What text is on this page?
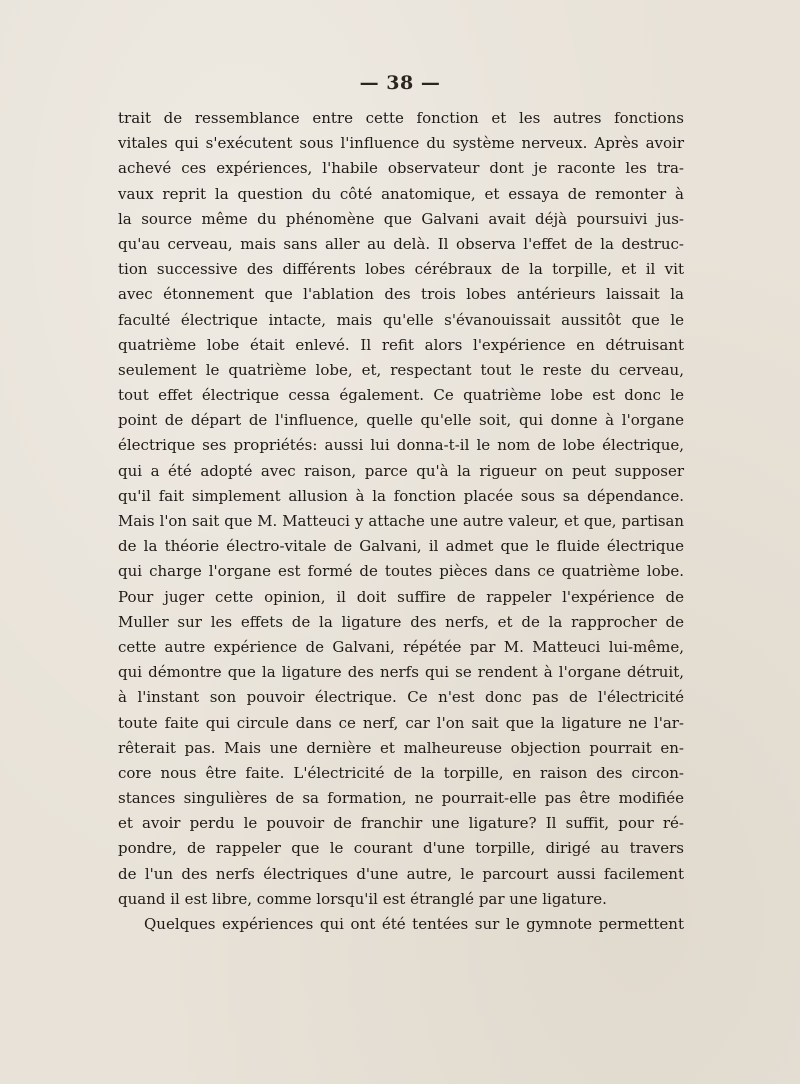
— 38 —
trait de ressemblance entre cette fonction et les autres fonctions
vitales qui s'exécutent sous l'influence du système nerveux. Après avoir
achevé ces expériences, l'habile observateur dont je raconte les tra-
vaux reprit la question du côté anatomique, et essaya de remonter à
la source même du phénomène que Galvani avait déjà poursuivi jus-
qu'au cerveau, mais sans aller au delà. Il observa l'effet de la destruc-
tion successive des différents lobes cérébraux de la torpille, et il vit
avec étonnement que l'ablation des trois lobes antérieurs laissait la
faculté électrique intacte, mais qu'elle s'évanouissait aussitôt que le
quatrième lobe était enlevé. Il refit alors l'expérience en détruisant
seulement le quatrième lobe, et, respectant tout le reste du cerveau,
tout effet électrique cessa également. Ce quatrième lobe est donc le
point de départ de l'influence, quelle qu'elle soit, qui donne à l'organe
électrique ses propriétés: aussi lui donna-t-il le nom de lobe électrique,
qui a été adopté avec raison, parce qu'à la rigueur on peut supposer
qu'il fait simplement allusion à la fonction placée sous sa dépendance.
Mais l'on sait que M. Matteuci y attache une autre valeur, et que, partisan
de la théorie électro-vitale de Galvani, il admet que le fluide électrique
qui charge l'organe est formé de toutes pièces dans ce quatrième lobe.
Pour juger cette opinion, il doit suffire de rappeler l'expérience de
Muller sur les effets de la ligature des nerfs, et de la rapprocher de
cette autre expérience de Galvani, répétée par M. Matteuci lui-même,
qui démontre que la ligature des nerfs qui se rendent à l'organe détruit,
à l'instant son pouvoir électrique. Ce n'est donc pas de l'électricité
toute faite qui circule dans ce nerf, car l'on sait que la ligature ne l'ar-
rêterait pas. Mais une dernière et malheureuse objection pourrait en-
core nous être faite. L'électricité de la torpille, en raison des circon-
stances singulières de sa formation, ne pourrait-elle pas être modifiée
et avoir perdu le pouvoir de franchir une ligature? Il suffit, pour ré-
pondre, de rappeler que le courant d'une torpille, dirigé au travers
de l'un des nerfs électriques d'une autre, le parcourt aussi facilement
quand il est libre, comme lorsqu'il est étranglé par une ligature.
Quelques expériences qui ont été tentées sur le gymnote permettent
